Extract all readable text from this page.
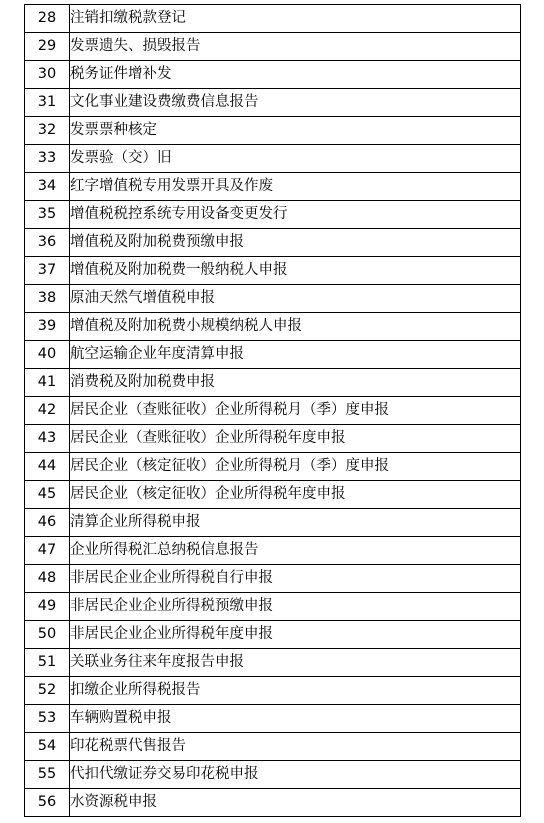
28	注销扣缴税款登记
29	发票遗失、损毁报告
30	税务证件增补发
31	文化事业建设费缴费信息报告
32	发票票种核定
33	发票验（交）旧
34	红字增值税专用发票开具及作废
35	增值税税控系统专用设备变更发行
36	增值税及附加税费预缴申报
37	增值税及附加税费一般纳税人申报
38	原油天然气增值税申报
39	增值税及附加税费小规模纳税人申报
40	航空运输企业年度清算申报
41	消费税及附加税费申报
42	居民企业（查账征收）企业所得税月（季）度申报
43	居民企业（查账征收）企业所得税年度申报
44	居民企业（核定征收）企业所得税月（季）度申报
45	居民企业（核定征收）企业所得税年度申报
46	清算企业所得税申报
47	企业所得税汇总纳税信息报告
48	非居民企业企业所得税自行申报
49	非居民企业企业所得税预缴申报
50	非居民企业企业所得税年度申报
51	关联业务往来年度报告申报
52	扣缴企业所得税报告
53	车辆购置税申报
54	印花税票代售报告
55	代扣代缴证券交易印花税申报
56	水资源税申报
